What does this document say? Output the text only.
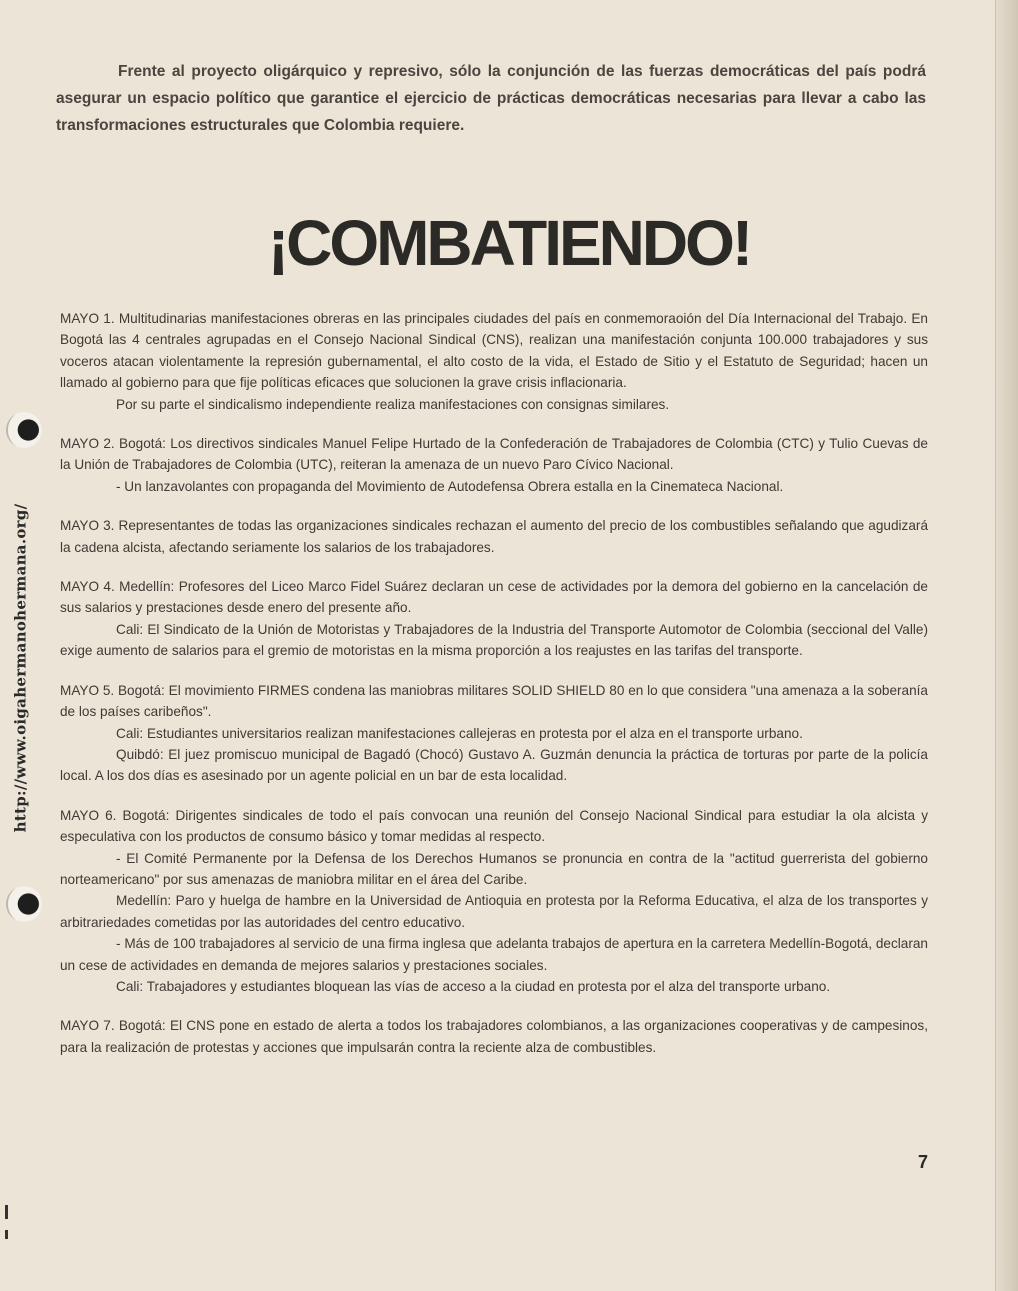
http://www.oigahermanohermana.org/

Frente al proyecto oligárquico y represivo, sólo la conjunción de las fuerzas democráticas del país podrá asegurar un espacio político que garantice el ejercicio de prácticas democráticas necesarias para llevar a cabo las transformaciones estructurales que Colombia requiere.

¡COMBATIENDO!

MAYO 1. Multitudinarias manifestaciones obreras en las principales ciudades del país en conmemoraoión del Día Internacional del Trabajo. En Bogotá las 4 centrales agrupadas en el Consejo Nacional Sindical (CNS), realizan una manifestación conjunta 100.000 trabajadores y sus voceros atacan violentamente la represión gubernamental, el alto costo de la vida, el Estado de Sitio y el Estatuto de Seguridad; hacen un llamado al gobierno para que fije políticas eficaces que solucionen la grave crisis inflacionaria.

Por su parte el sindicalismo independiente realiza manifestaciones con consignas similares.

MAYO 2. Bogotá: Los directivos sindicales Manuel Felipe Hurtado de la Confederación de Trabajadores de Colombia (CTC) y Tulio Cuevas de la Unión de Trabajadores de Colombia (UTC), reiteran la amenaza de un nuevo Paro Cívico Nacional.

- Un lanzavolantes con propaganda del Movimiento de Autodefensa Obrera estalla en la Cinemateca Nacional.

MAYO 3. Representantes de todas las organizaciones sindicales rechazan el aumento del precio de los combustibles señalando que agudizará la cadena alcista, afectando seriamente los salarios de los trabajadores.

MAYO 4. Medellín: Profesores del Liceo Marco Fidel Suárez declaran un cese de actividades por la demora del gobierno en la cancelación de sus salarios y prestaciones desde enero del presente año.

Cali: El Sindicato de la Unión de Motoristas y Trabajadores de la Industria del Transporte Automotor de Colombia (seccional del Valle) exige aumento de salarios para el gremio de motoristas en la misma proporción a los reajustes en las tarifas del transporte.

MAYO 5. Bogotá: El movimiento FIRMES condena las maniobras militares SOLID SHIELD 80 en lo que considera "una amenaza a la soberanía de los países caribeños".

Cali: Estudiantes universitarios realizan manifestaciones callejeras en protesta por el alza en el transporte urbano.

Quibdó: El juez promiscuo municipal de Bagadó (Chocó) Gustavo A. Guzmán denuncia la práctica de torturas por parte de la policía local. A los dos días es asesinado por un agente policial en un bar de esta localidad.

MAYO 6. Bogotá: Dirigentes sindicales de todo el país convocan una reunión del Consejo Nacional Sindical para estudiar la ola alcista y especulativa con los productos de consumo básico y tomar medidas al respecto.

- El Comité Permanente por la Defensa de los Derechos Humanos se pronuncia en contra de la "actitud guerrerista del gobierno norteamericano" por sus amenazas de maniobra militar en el área del Caribe.

Medellín: Paro y huelga de hambre en la Universidad de Antioquia en protesta por la Reforma Educativa, el alza de los transportes y arbitrariedades cometidas por las autoridades del centro educativo.

- Más de 100 trabajadores al servicio de una firma inglesa que adelanta trabajos de apertura en la carretera Medellín-Bogotá, declaran un cese de actividades en demanda de mejores salarios y prestaciones sociales.

Cali: Trabajadores y estudiantes bloquean las vías de acceso a la ciudad en protesta por el alza del transporte urbano.

MAYO 7. Bogotá: El CNS pone en estado de alerta a todos los trabajadores colombianos, a las organizaciones cooperativas y de campesinos, para la realización de protestas y acciones que impulsarán contra la reciente alza de combustibles.

7
